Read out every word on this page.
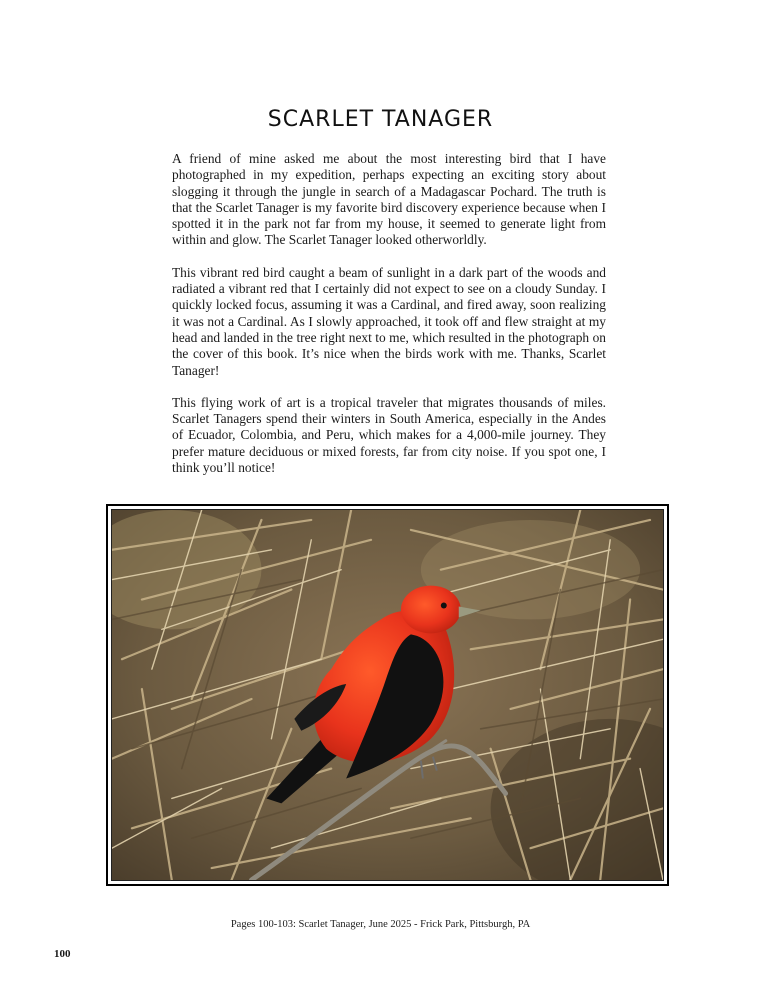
SCARLET TANAGER

A friend of mine asked me about the most interesting bird that I have photographed in my expedition, perhaps expecting an exciting story about slogging it through the jungle in search of a Madagascar Pochard. The truth is that the Scarlet Tanager is my favorite bird discovery experience because when I spotted it in the park not far from my house, it seemed to generate light from within and glow. The Scarlet Tanager looked otherworldly.

This vibrant red bird caught a beam of sunlight in a dark part of the woods and radiated a vibrant red that I certainly did not expect to see on a cloudy Sunday. I quickly locked focus, assuming it was a Cardinal, and fired away, soon realizing it was not a Cardinal. As I slowly approached, it took off and flew straight at my head and landed in the tree right next to me, which resulted in the photograph on the cover of this book. It’s nice when the birds work with me. Thanks, Scarlet Tanager!

This flying work of art is a tropical traveler that migrates thousands of miles. Scarlet Tanagers spend their winters in South America, especially in the Andes of Ecuador, Colombia, and Peru, which makes for a 4,000-mile journey. They prefer mature deciduous or mixed forests, far from city noise. If you spot one, I think you’ll notice!

Pages 100-103: Scarlet Tanager, June 2025 - Frick Park, Pittsburgh, PA
100
